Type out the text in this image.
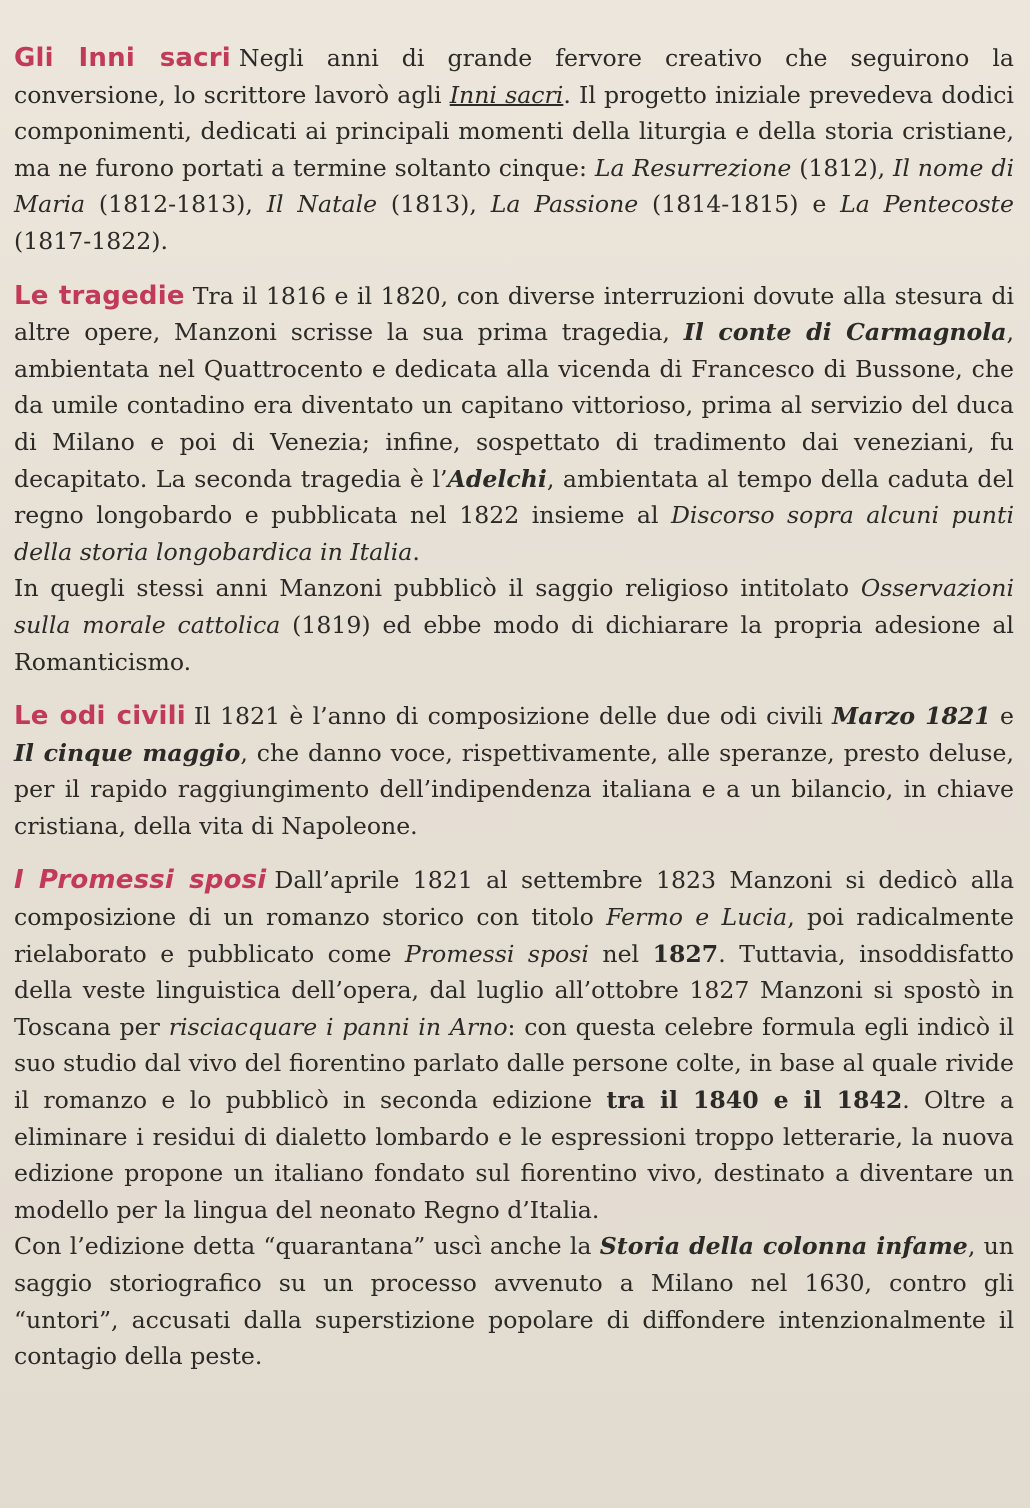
Gli Inni sacri Negli anni di grande fervore creativo che seguirono la conversione, lo scrittore lavorò agli Inni sacri. Il progetto iniziale prevedeva dodici componimenti, dedicati ai principali momenti della liturgia e della storia cristiane, ma ne furono portati a termine soltanto cinque: La Resurrezione (1812), Il nome di Maria (1812-1813), Il Natale (1813), La Passione (1814-1815) e La Pentecoste (1817-1822).

Le tragedie Tra il 1816 e il 1820, con diverse interruzioni dovute alla stesura di altre opere, Manzoni scrisse la sua prima tragedia, Il conte di Carmagnola, ambientata nel Quattrocento e dedicata alla vicenda di Francesco di Bussone, che da umile contadino era diventato un capitano vittorioso, prima al servizio del duca di Milano e poi di Venezia; infine, sospettato di tradimento dai veneziani, fu decapitato. La seconda tragedia è l’Adelchi, ambientata al tempo della caduta del regno longobardo e pubblicata nel 1822 insieme al Discorso sopra alcuni punti della storia longobardica in Italia.

In quegli stessi anni Manzoni pubblicò il saggio religioso intitolato Osservazioni sulla morale cattolica (1819) ed ebbe modo di dichiarare la propria adesione al Romanticismo.

Le odi civili Il 1821 è l’anno di composizione delle due odi civili Marzo 1821 e Il cinque maggio, che danno voce, rispettivamente, alle speranze, presto deluse, per il rapido raggiungimento dell’indipendenza italiana e a un bilancio, in chiave cristiana, della vita di Napoleone.

I Promessi sposi Dall’aprile 1821 al settembre 1823 Manzoni si dedicò alla composizione di un romanzo storico con titolo Fermo e Lucia, poi radicalmente rielaborato e pubblicato come Promessi sposi nel 1827. Tuttavia, insoddisfatto della veste linguistica dell’opera, dal luglio all’ottobre 1827 Manzoni si spostò in Toscana per risciacquare i panni in Arno: con questa celebre formula egli indicò il suo studio dal vivo del fiorentino parlato dalle persone colte, in base al quale rivide il romanzo e lo pubblicò in seconda edizione tra il 1840 e il 1842. Oltre a eliminare i residui di dialetto lombardo e le espressioni troppo letterarie, la nuova edizione propone un italiano fondato sul fiorentino vivo, destinato a diventare un modello per la lingua del neonato Regno d’Italia.

Con l’edizione detta “quarantana” uscì anche la Storia della colonna infame, un saggio storiografico su un processo avvenuto a Milano nel 1630, contro gli “untori”, accusati dalla superstizione popolare di diffondere intenzionalmente il contagio della peste.
